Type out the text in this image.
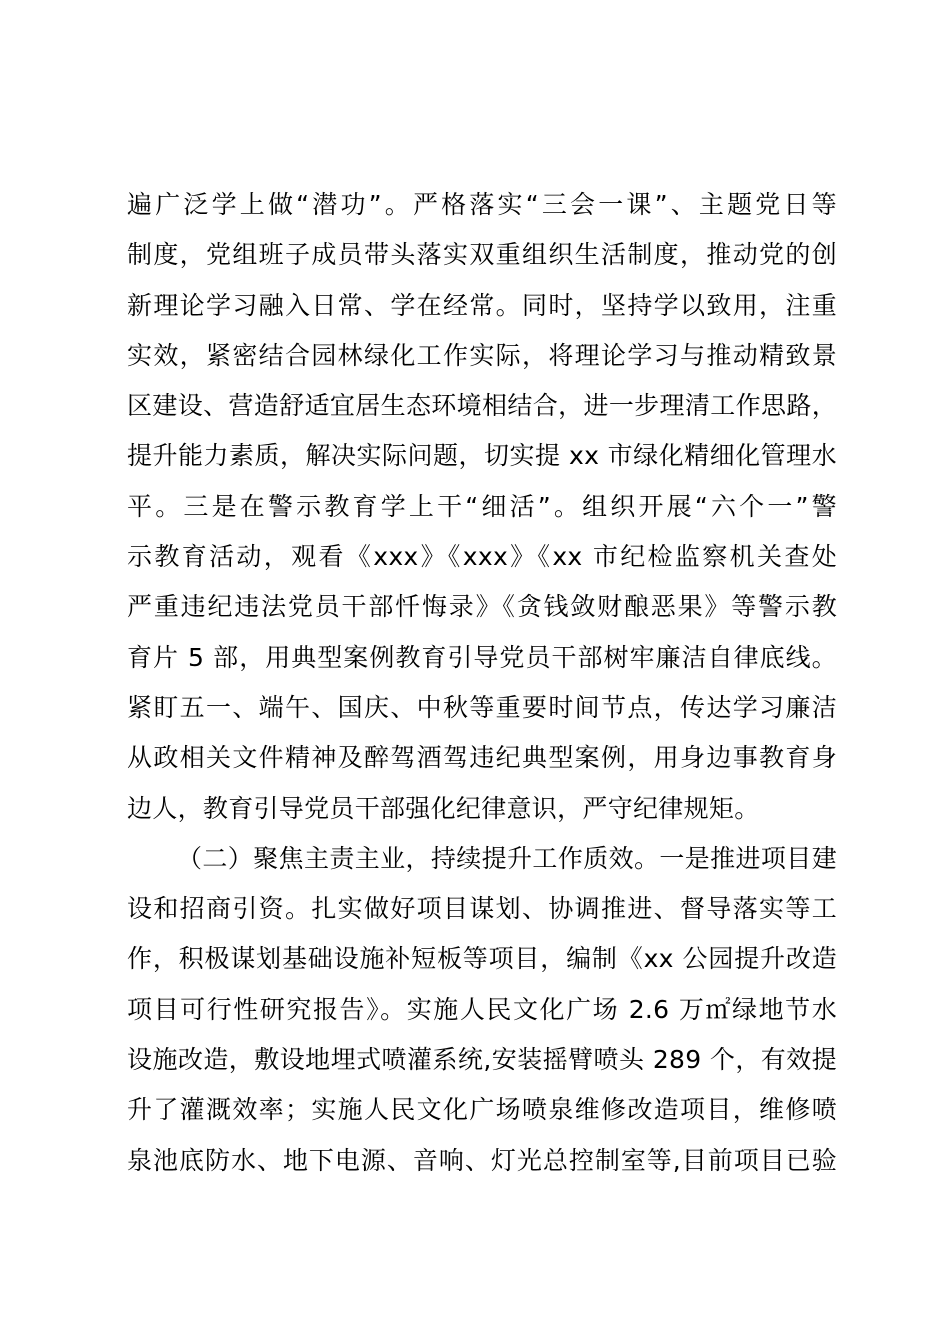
遍广泛学上做“潜功”。严格落实“三会一课”、主题党日等
制度，党组班子成员带头落实双重组织生活制度，推动党的创
新理论学习融入日常、学在经常。同时，坚持学以致用，注重
实效，紧密结合园林绿化工作实际，将理论学习与推动精致景
区建设、营造舒适宜居生态环境相结合，进一步理清工作思路，
提升能力素质，解决实际问题，切实提 xx 市绿化精细化管理水
平。三是在警示教育学上干“细活”。组织开展“六个一”警
示教育活动，观看《xxx》《xxx》《xx 市纪检监察机关查处
严重违纪违法党员干部忏悔录》《贪钱敛财酿恶果》等警示教
育片 5 部，用典型案例教育引导党员干部树牢廉洁自律底线。
紧盯五一、端午、国庆、中秋等重要时间节点，传达学习廉洁
从政相关文件精神及醉驾酒驾违纪典型案例，用身边事教育身
边人，教育引导党员干部强化纪律意识，严守纪律规矩。
（二）聚焦主责主业，持续提升工作质效。一是推进项目建
设和招商引资。扎实做好项目谋划、协调推进、督导落实等工
作，积极谋划基础设施补短板等项目，编制《xx 公园提升改造
项目可行性研究报告》。实施人民文化广场 2.6 万㎡绿地节水
设施改造，敷设地埋式喷灌系统,安装摇臂喷头 289 个，有效提
升了灌溉效率；实施人民文化广场喷泉维修改造项目，维修喷
泉池底防水、地下电源、音响、灯光总控制室等,目前项目已验
